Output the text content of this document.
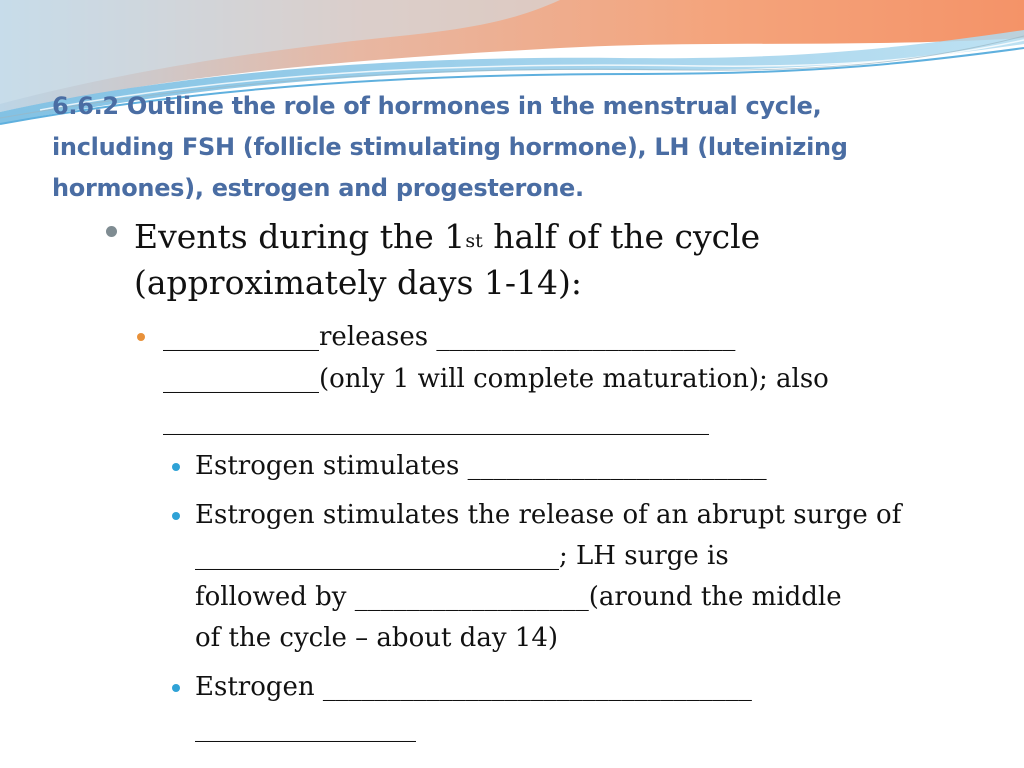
6.6.2 Outline the role of hormones in the menstrual cycle,
including FSH (follicle stimulating hormone), LH (luteinizing
hormones), estrogen and progesterone.
Events during the 1st half of the cycle
(approximately days 1-14):
____________releases _______________________
____________(only 1 will complete maturation); also
__________________________________________
Estrogen stimulates _______________________
Estrogen stimulates the release of an abrupt surge of
____________________________; LH surge is
followed by __________________(around the middle
of the cycle – about day 14)
Estrogen _________________________________
_________________
